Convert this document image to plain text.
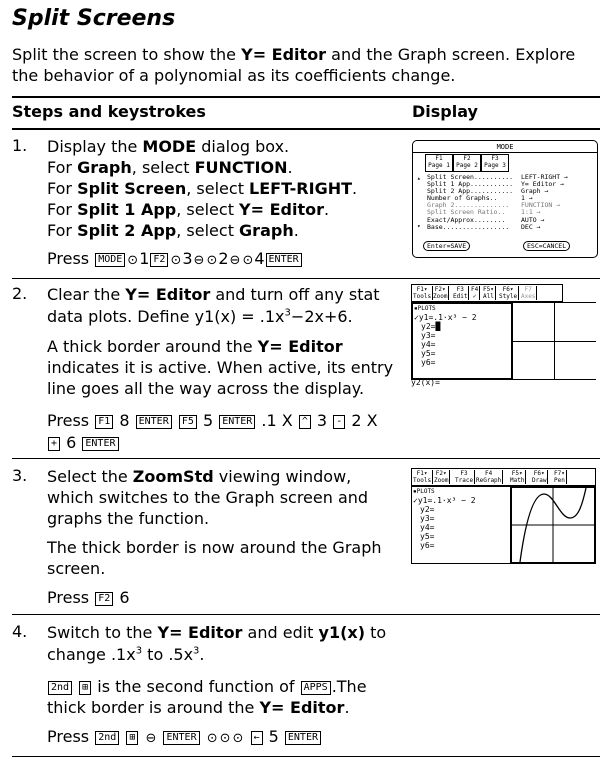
Split Screens
Split the screen to show the Y= Editor and the Graph screen. Explore the behavior of a polynomial as its coefficients change.
Steps and keystrokes	Display
1. Display the MODE dialog box.
For Graph, select FUNCTION.
For Split Screen, select LEFT-RIGHT.
For Split 1 App, select Y= Editor.
For Split 2 App, select Graph.
Press MODE ⊙1 F2 ⊙3⊖ ⊙2⊖ ⊙4 ENTER
MODE
F1
Page 1
F2
Page 2
F3
Page 3
Split Screen.......... LEFT-RIGHT →
Split 1 App........... Y= Editor →
Split 2 App........... Graph →
Number of Graphs..	1 →
Graph 2.............. FUNCTION →
Split Screen Ratio.. 1:1 →
Exact/Approx........ AUTO →
Base................. DEC →
▴
▾
Enter=SAVE	ESC=CANCEL
2. Clear the Y= Editor and turn off any stat data plots. Define $y1(x) = .1x^3-2x+6$.

A thick border around the Y= Editor indicates it is active. When active, its entry line goes all the way across the display.

Press F1 8 ENTER F5 5 ENTER .1 X ^ 3 - 2 X
+ 6 ENTER
F1▾
Tools
F2▾
Zoom
F3
Edit
F4
✓
F5▾
All
F6▾
Style
F7
Axes
▪PLOTS
✓y1=.1·x³ − 2
y2=█
y3=
y4=
y5=
y6=
y2(x)=
3. Select the ZoomStd viewing window, which switches to the Graph screen and graphs the function.

The thick border is now around the Graph screen.

Press F2 6
F1▾
Tools
F2▾
Zoom
F3
Trace
F4
ReGraph
F5▾
Math
F6▾
Draw
F7▾
Pen
▪PLOTS
✓y1=.1·x³ − 2
y2=
y3=
y4=
y5=
y6=
4. Switch to the Y= Editor and edit y1(x) to change $.1x^3$ to $.5x^3$.

2nd ⊞ is the second function of APPS .The thick border is around the Y= Editor.

Press 2nd ⊞ ⊖ ENTER ⊙ ⊙ ⊙ ← 5 ENTER
